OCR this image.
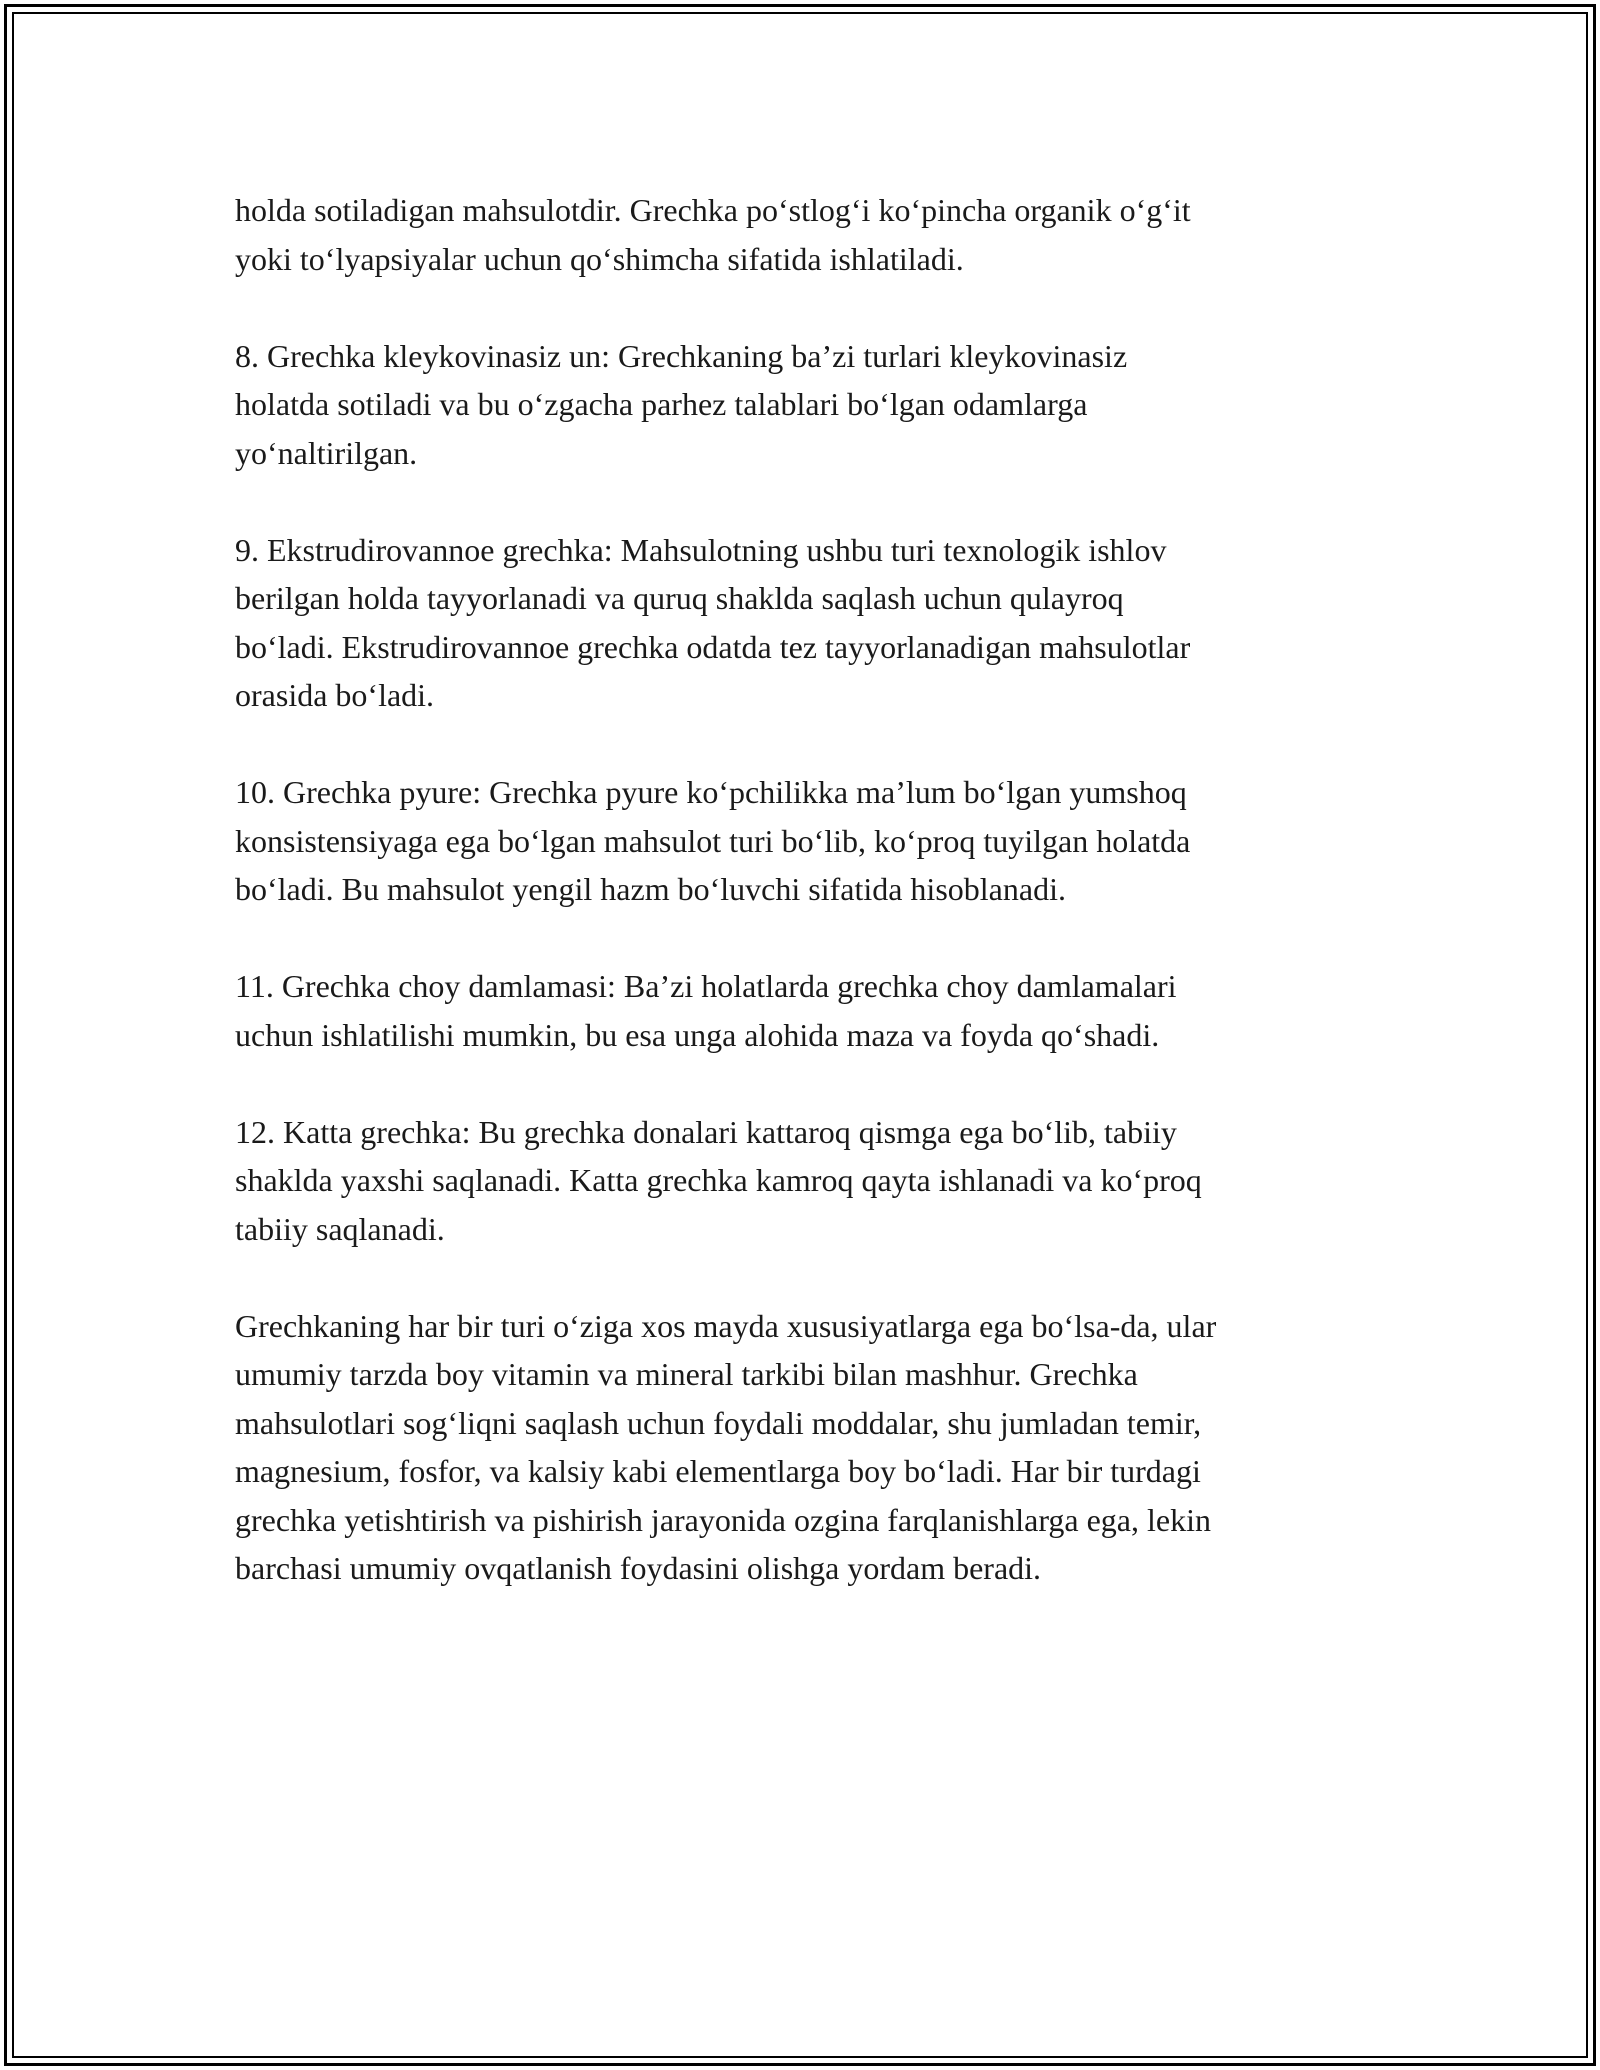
holda sotiladigan mahsulotdir. Grechka po‘stlog‘i ko‘pincha organik o‘g‘it
yoki to‘lyapsiyalar uchun qo‘shimcha sifatida ishlatiladi.

8. Grechka kleykovinasiz un: Grechkaning ba’zi turlari kleykovinasiz
holatda sotiladi va bu o‘zgacha parhez talablari bo‘lgan odamlarga
yo‘naltirilgan.

9. Ekstrudirovannoe grechka: Mahsulotning ushbu turi texnologik ishlov
berilgan holda tayyorlanadi va quruq shaklda saqlash uchun qulayroq
bo‘ladi. Ekstrudirovannoe grechka odatda tez tayyorlanadigan mahsulotlar
orasida bo‘ladi.

10. Grechka pyure: Grechka pyure ko‘pchilikka ma’lum bo‘lgan yumshoq
konsistensiyaga ega bo‘lgan mahsulot turi bo‘lib, ko‘proq tuyilgan holatda
bo‘ladi. Bu mahsulot yengil hazm bo‘luvchi sifatida hisoblanadi.

11. Grechka choy damlamasi: Ba’zi holatlarda grechka choy damlamalari
uchun ishlatilishi mumkin, bu esa unga alohida maza va foyda qo‘shadi.

12. Katta grechka: Bu grechka donalari kattaroq qismga ega bo‘lib, tabiiy
shaklda yaxshi saqlanadi. Katta grechka kamroq qayta ishlanadi va ko‘proq
tabiiy saqlanadi.

Grechkaning har bir turi o‘ziga xos mayda xususiyatlarga ega bo‘lsa-da, ular
umumiy tarzda boy vitamin va mineral tarkibi bilan mashhur. Grechka
mahsulotlari sog‘liqni saqlash uchun foydali moddalar, shu jumladan temir,
magnesium, fosfor, va kalsiy kabi elementlarga boy bo‘ladi. Har bir turdagi
grechka yetishtirish va pishirish jarayonida ozgina farqlanishlarga ega, lekin
barchasi umumiy ovqatlanish foydasini olishga yordam beradi.
